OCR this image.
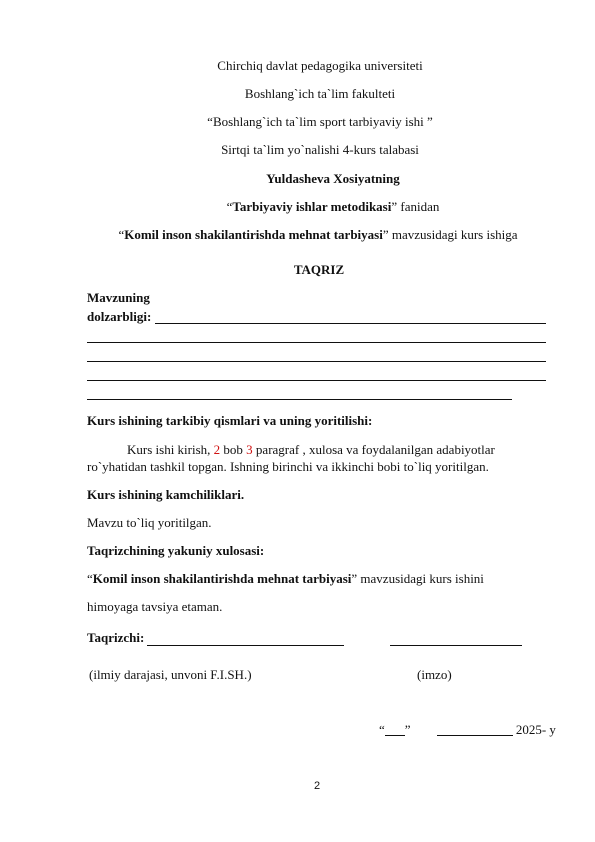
Chirchiq davlat pedagogika universiteti
Boshlang`ich ta`lim fakulteti
“Boshlang`ich ta`lim sport tarbiyaviy ishi ”
Sirtqi ta`lim yo`nalishi 4-kurs talabasi
Yuldasheva Xosiyatning
“Tarbiyaviy ishlar metodikasi” fanidan
“Komil inson shakilantirishda mehnat tarbiyasi” mavzusidagi kurs ishiga
TAQRIZ
Mavzuning
dolzarbligi:
Kurs ishining tarkibiy qismlari va uning yoritilishi:
Kurs ishi kirish, 2 bob 3 paragraf , xulosa va foydalanilgan adabiyotlar
ro`yhatidan tashkil topgan. Ishning birinchi va ikkinchi bobi to`liq yoritilgan.
Kurs ishining kamchiliklari.
Mavzu to`liq yoritilgan.
Taqrizchining yakuniy xulosasi:
“Komil inson shakilantirishda mehnat tarbiyasi” mavzusidagi kurs ishini
himoyaga tavsiya etaman.
Taqrizchi:
(ilmiy darajasi, unvoni F.I.SH.)	(imzo)
“ ”	2025- y
2
